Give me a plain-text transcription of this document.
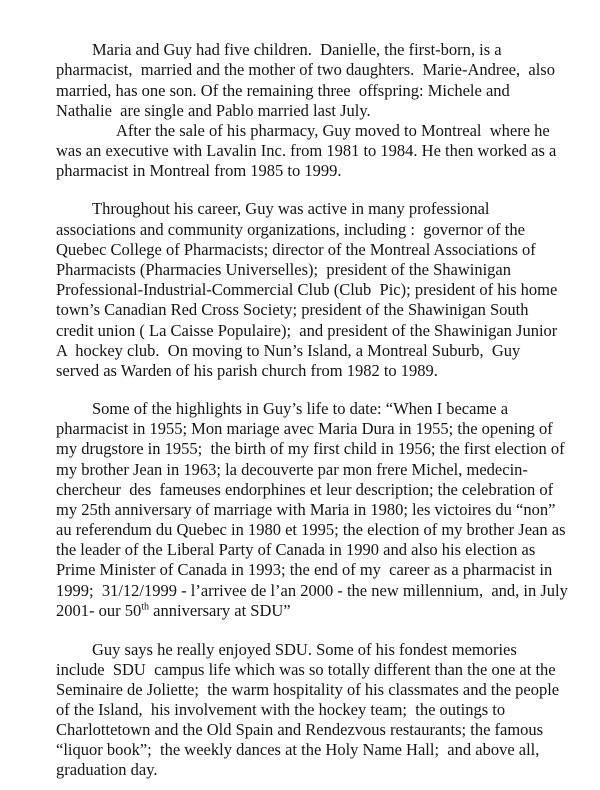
Maria and Guy had five children.  Danielle, the first-born, is a
pharmacist,  married and the mother of two daughters.  Marie-Andree,  also
married, has one son. Of the remaining three  offspring: Michele and
Nathalie  are single and Pablo married last July.
After the sale of his pharmacy, Guy moved to Montreal  where he
was an executive with Lavalin Inc. from 1981 to 1984. He then worked as a
pharmacist in Montreal from 1985 to 1999.
Throughout his career, Guy was active in many professional
associations and community organizations, including :  governor of the
Quebec College of Pharmacists; director of the Montreal Associations of
Pharmacists (Pharmacies Universelles);  president of the Shawinigan
Professional-Industrial-Commercial Club (Club  Pic); president of his home
town’s Canadian Red Cross Society; president of the Shawinigan South
credit union ( La Caisse Populaire);  and president of the Shawinigan Junior
A  hockey club.  On moving to Nun’s Island, a Montreal Suburb,  Guy
served as Warden of his parish church from 1982 to 1989.
Some of the highlights in Guy’s life to date: “When I became a
pharmacist in 1955; Mon mariage avec Maria Dura in 1955; the opening of
my drugstore in 1955;  the birth of my first child in 1956; the first election of
my brother Jean in 1963; la decouverte par mon frere Michel, medecin-
chercheur  des  fameuses endorphines et leur description; the celebration of
my 25th anniversary of marriage with Maria in 1980; les victoires du “non”
au referendum du Quebec in 1980 et 1995; the election of my brother Jean as
the leader of the Liberal Party of Canada in 1990 and also his election as
Prime Minister of Canada in 1993; the end of my  career as a pharmacist in
1999;  31/12/1999 - l’arrivee de l’an 2000 - the new millennium,  and, in July
2001- our 50th anniversary at SDU”
Guy says he really enjoyed SDU. Some of his fondest memories
include  SDU  campus life which was so totally different than the one at the
Seminaire de Joliette;  the warm hospitality of his classmates and the people
of the Island,  his involvement with the hockey team;  the outings to
Charlottetown and the Old Spain and Rendezvous restaurants; the famous
“liquor book”;  the weekly dances at the Holy Name Hall;  and above all,
graduation day.
